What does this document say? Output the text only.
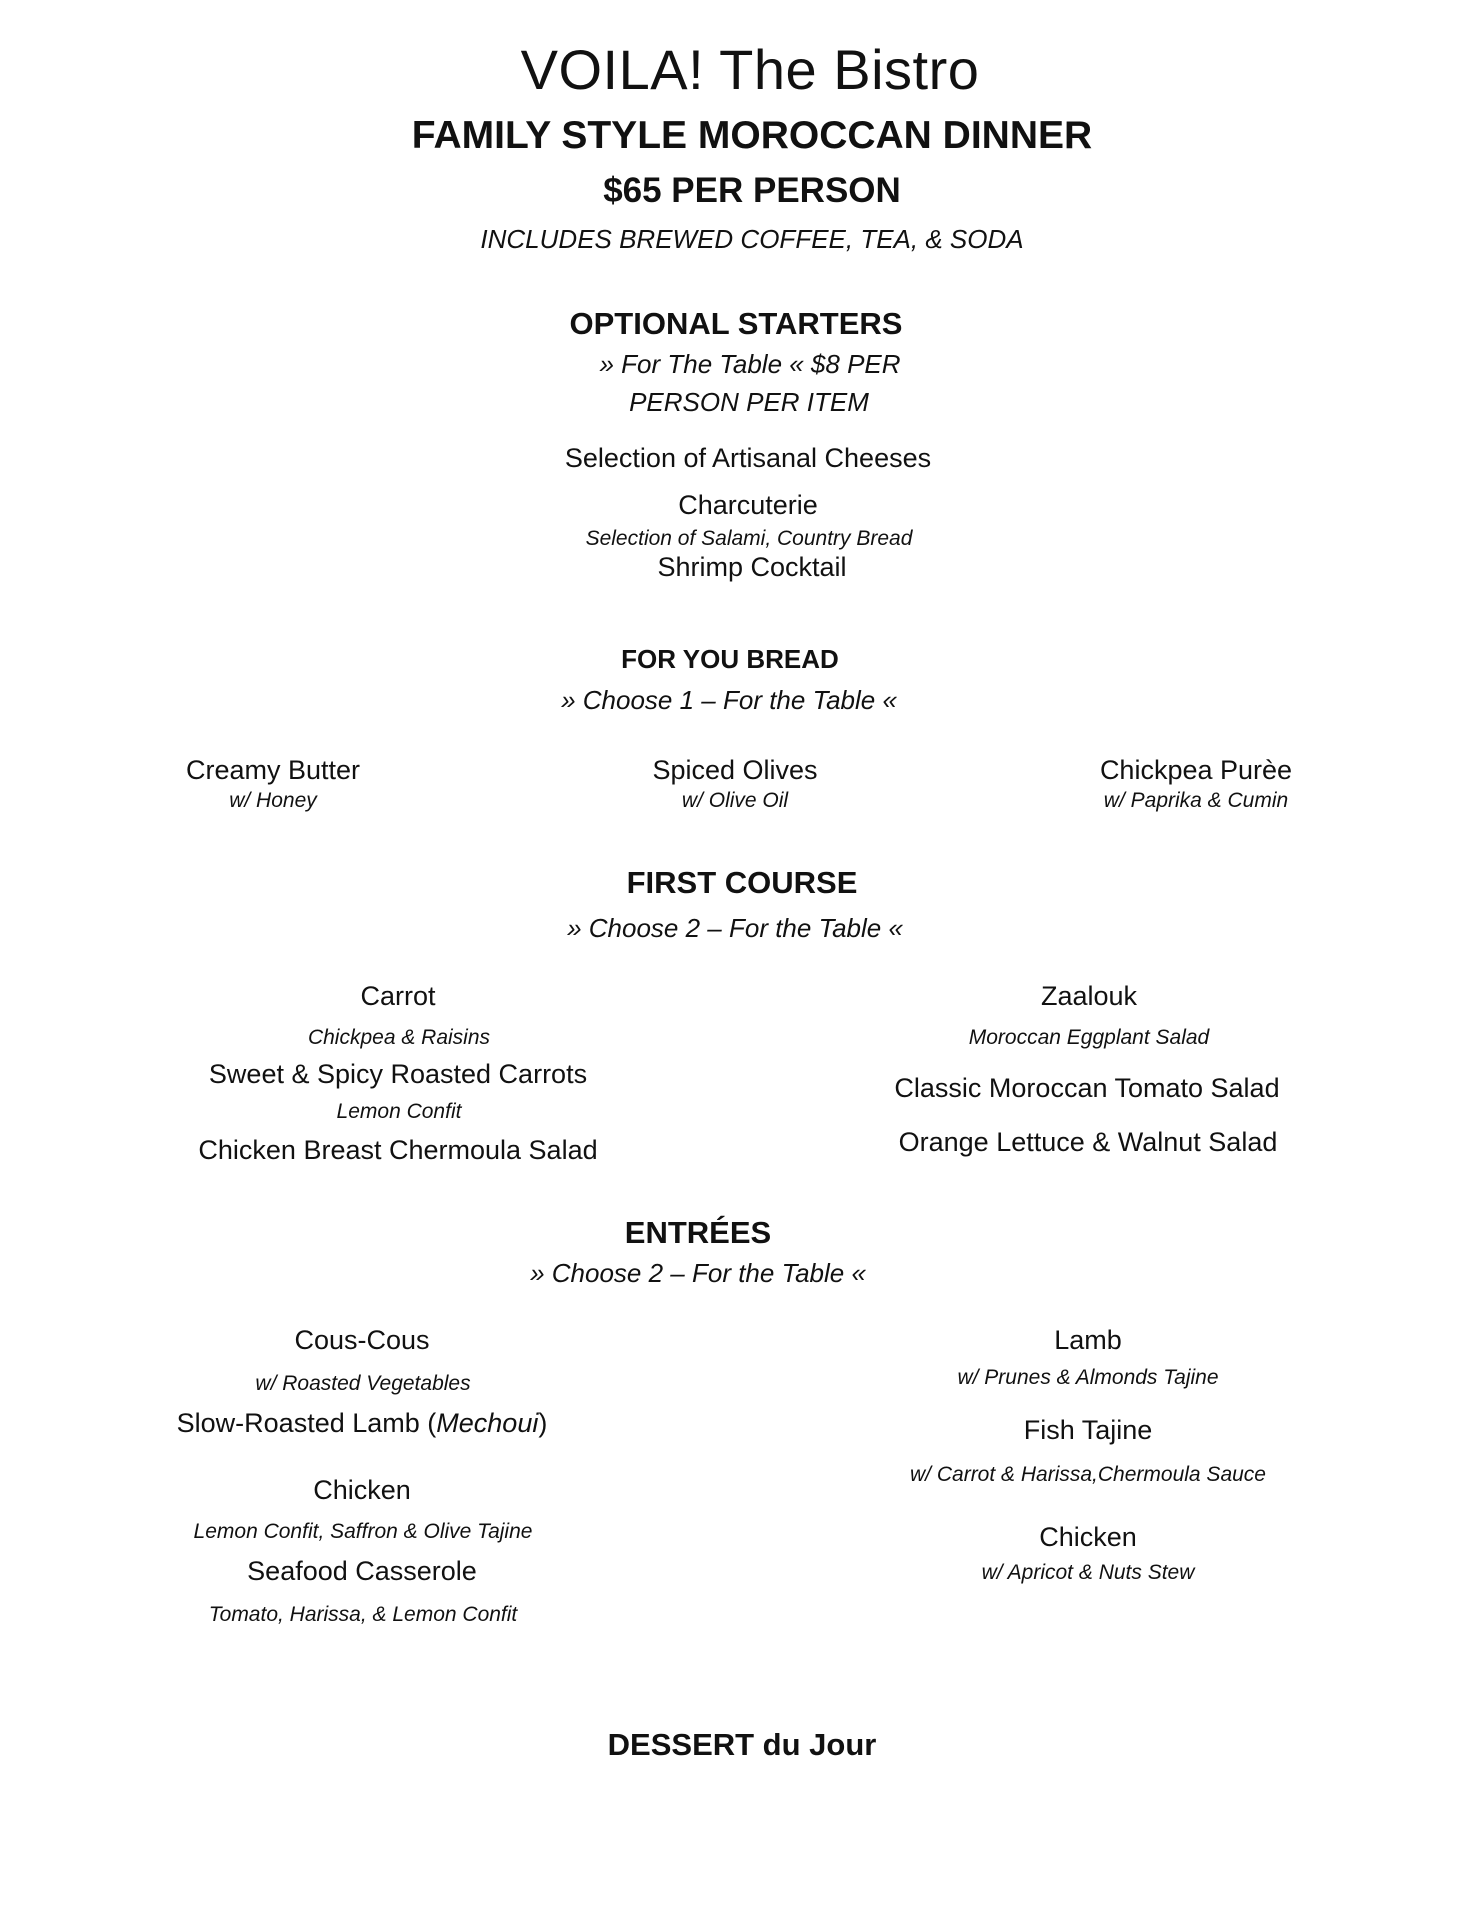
VOILA! The Bistro
FAMILY STYLE MOROCCAN DINNER
$65 PER PERSON
INCLUDES BREWED COFFEE, TEA, & SODA
OPTIONAL STARTERS
» For The Table « $8 PER
PERSON PER ITEM
Selection of Artisanal Cheeses
Charcuterie
Selection of Salami, Country Bread
Shrimp Cocktail
FOR YOU BREAD
» Choose 1 – For the Table «
Creamy Butter
w/ Honey
Spiced Olives
w/ Olive Oil
Chickpea Purèe
w/ Paprika & Cumin
FIRST COURSE
» Choose 2 – For the Table «
Carrot
Chickpea & Raisins
Sweet & Spicy Roasted Carrots
Lemon Confit
Chicken Breast Chermoula Salad
Zaalouk
Moroccan Eggplant Salad
Classic Moroccan Tomato Salad
Orange Lettuce & Walnut Salad
ENTRÉES
» Choose 2 – For the Table «
Cous-Cous
w/ Roasted Vegetables
Slow-Roasted Lamb (Mechoui)
Chicken
Lemon Confit, Saffron & Olive Tajine
Seafood Casserole
Tomato, Harissa, & Lemon Confit
Lamb
w/ Prunes & Almonds Tajine
Fish Tajine
w/ Carrot & Harissa,Chermoula Sauce
Chicken
w/ Apricot & Nuts Stew
DESSERT du Jour
